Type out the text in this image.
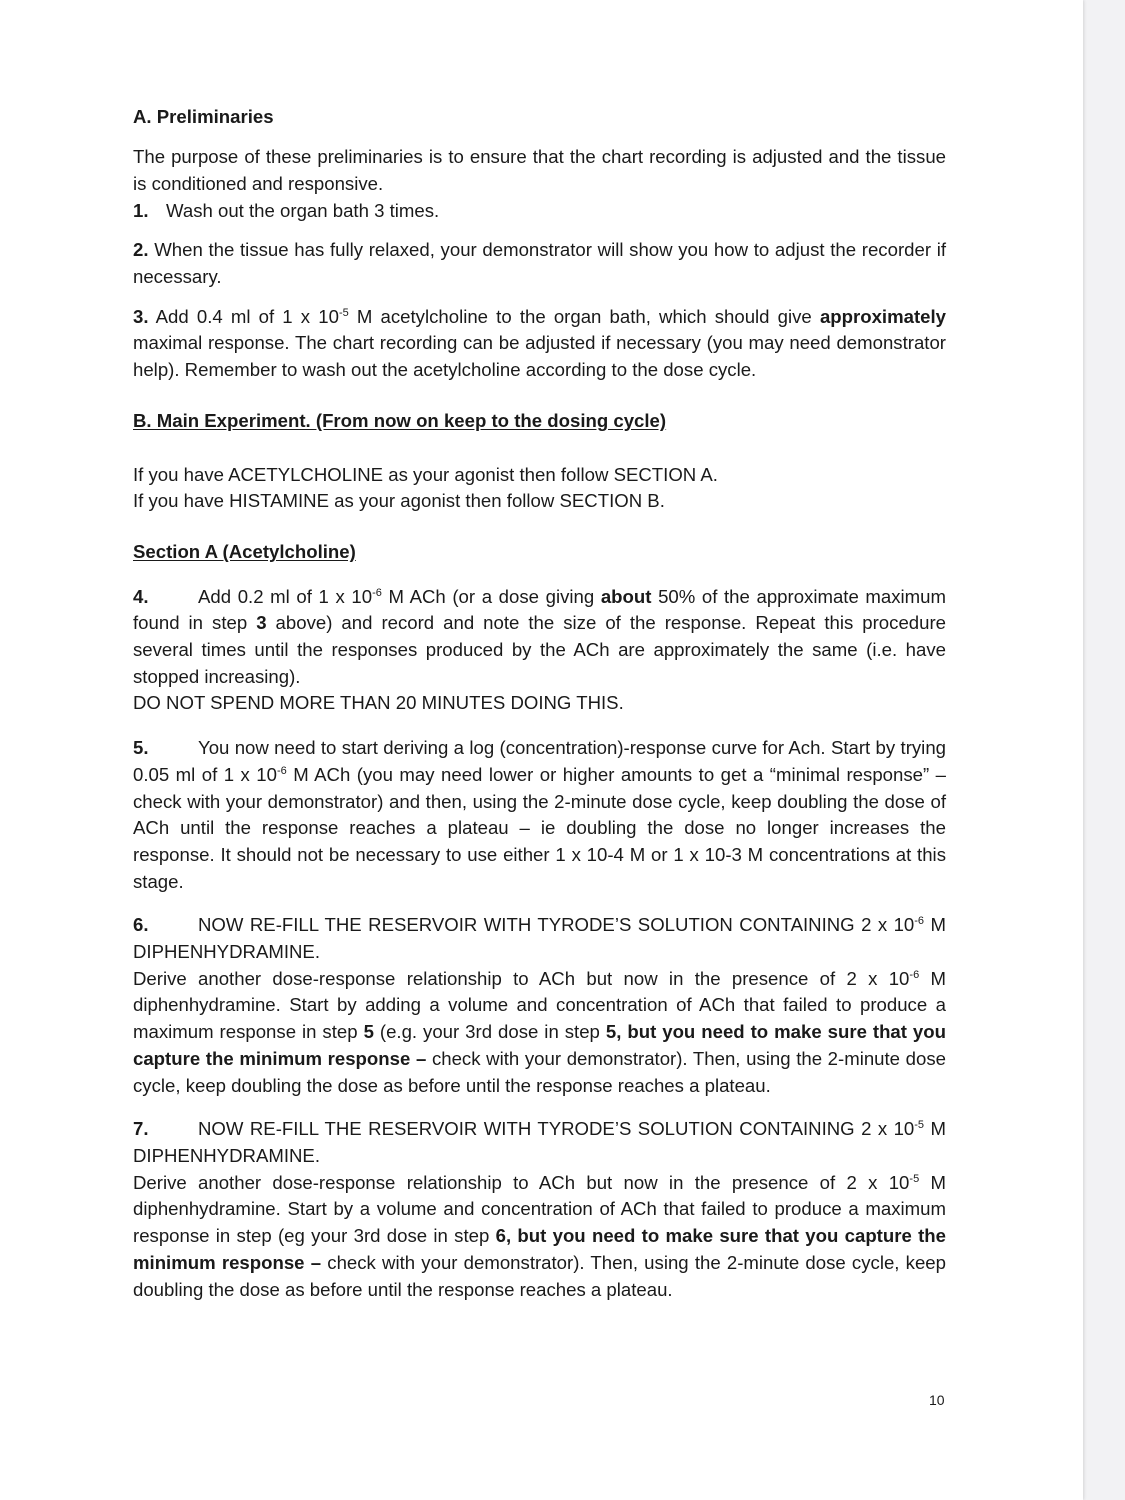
A. Preliminaries

The purpose of these preliminaries is to ensure that the chart recording is adjusted and the tissue is conditioned and responsive.

1. Wash out the organ bath 3 times.

2. When the tissue has fully relaxed, your demonstrator will show you how to adjust the recorder if necessary.

3. Add 0.4 ml of 1 x $10^{-5}$ M acetylcholine to the organ bath, which should give approximately maximal response. The chart recording can be adjusted if necessary (you may need demonstrator help). Remember to wash out the acetylcholine according to the dose cycle.

B. Main Experiment. (From now on keep to the dosing cycle)

If you have ACETYLCHOLINE as your agonist then follow SECTION A.

If you have HISTAMINE as your agonist then follow SECTION B.

Section A (Acetylcholine)

4.	Add 0.2 ml of 1 x $10^{-6}$ M ACh (or a dose giving about 50% of the approximate maximum found in step 3 above) and record and note the size of the response. Repeat this procedure several times until the responses produced by the ACh are approximately the same (i.e. have stopped increasing).

DO NOT SPEND MORE THAN 20 MINUTES DOING THIS.

5.	You now need to start deriving a log (concentration)-response curve for Ach. Start by trying 0.05 ml of 1 x $10^{-6}$ M ACh (you may need lower or higher amounts to get a “minimal response” – check with your demonstrator) and then, using the 2-minute dose cycle, keep doubling the dose of ACh until the response reaches a plateau – ie doubling the dose no longer increases the response. It should not be necessary to use either 1 x 10-4 M or 1 x 10-3 M concentrations at this stage.

6.	NOW RE-FILL THE RESERVOIR WITH TYRODE’S SOLUTION CONTAINING 2 x $10^{-6}$ M DIPHENHYDRAMINE.

Derive another dose-response relationship to ACh but now in the presence of 2 x $10^{-6}$ M diphenhydramine. Start by adding a volume and concentration of ACh that failed to produce a maximum response in step 5 (e.g. your 3rd dose in step 5, but you need to make sure that you capture the minimum response – check with your demonstrator). Then, using the 2-minute dose cycle, keep doubling the dose as before until the response reaches a plateau.

7.	NOW RE-FILL THE RESERVOIR WITH TYRODE’S SOLUTION CONTAINING 2 x $10^{-5}$ M DIPHENHYDRAMINE.

Derive another dose-response relationship to ACh but now in the presence of 2 x $10^{-5}$ M diphenhydramine. Start by a volume and concentration of ACh that failed to produce a maximum response in step (eg your 3rd dose in step 6, but you need to make sure that you capture the minimum response – check with your demonstrator). Then, using the 2-minute dose cycle, keep doubling the dose as before until the response reaches a plateau.

10
